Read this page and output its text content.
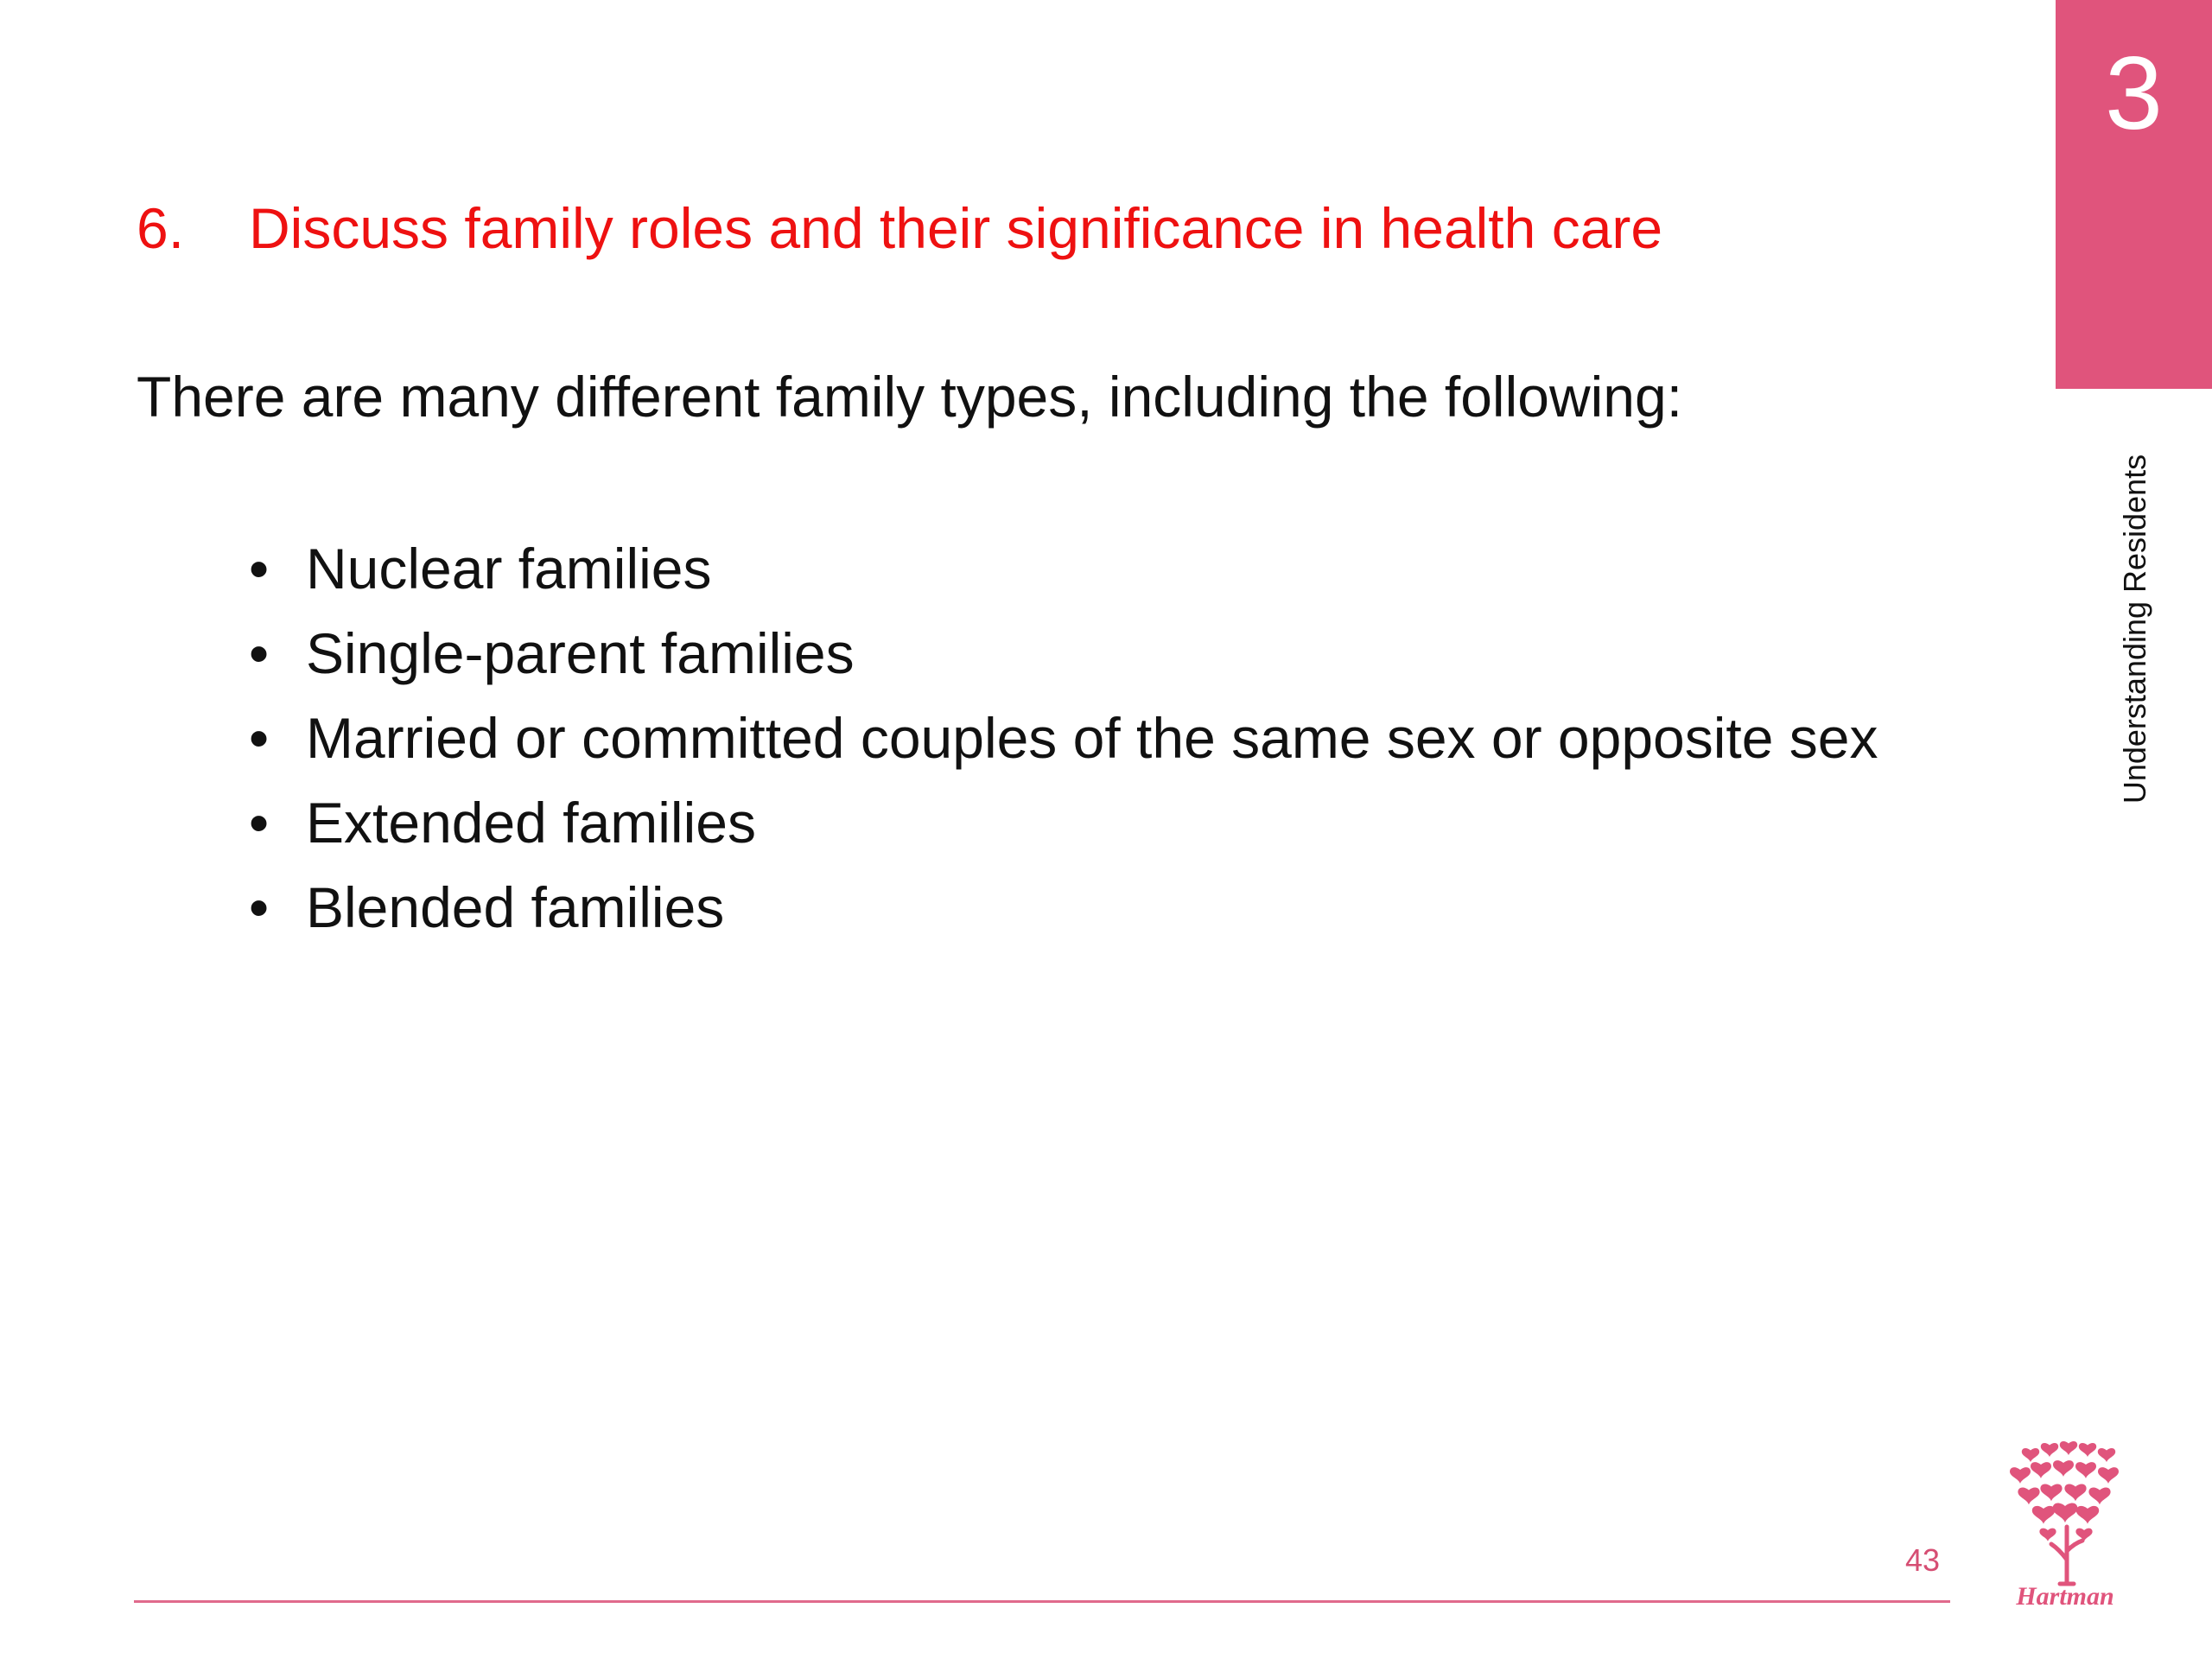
3
Understanding Residents
6. Discuss family roles and their significance in health care
There are many different family types, including the following:
• Nuclear families
• Single-parent families
• Married or committed couples of the same sex or opposite sex
• Extended families
• Blended families
43
Hartman
